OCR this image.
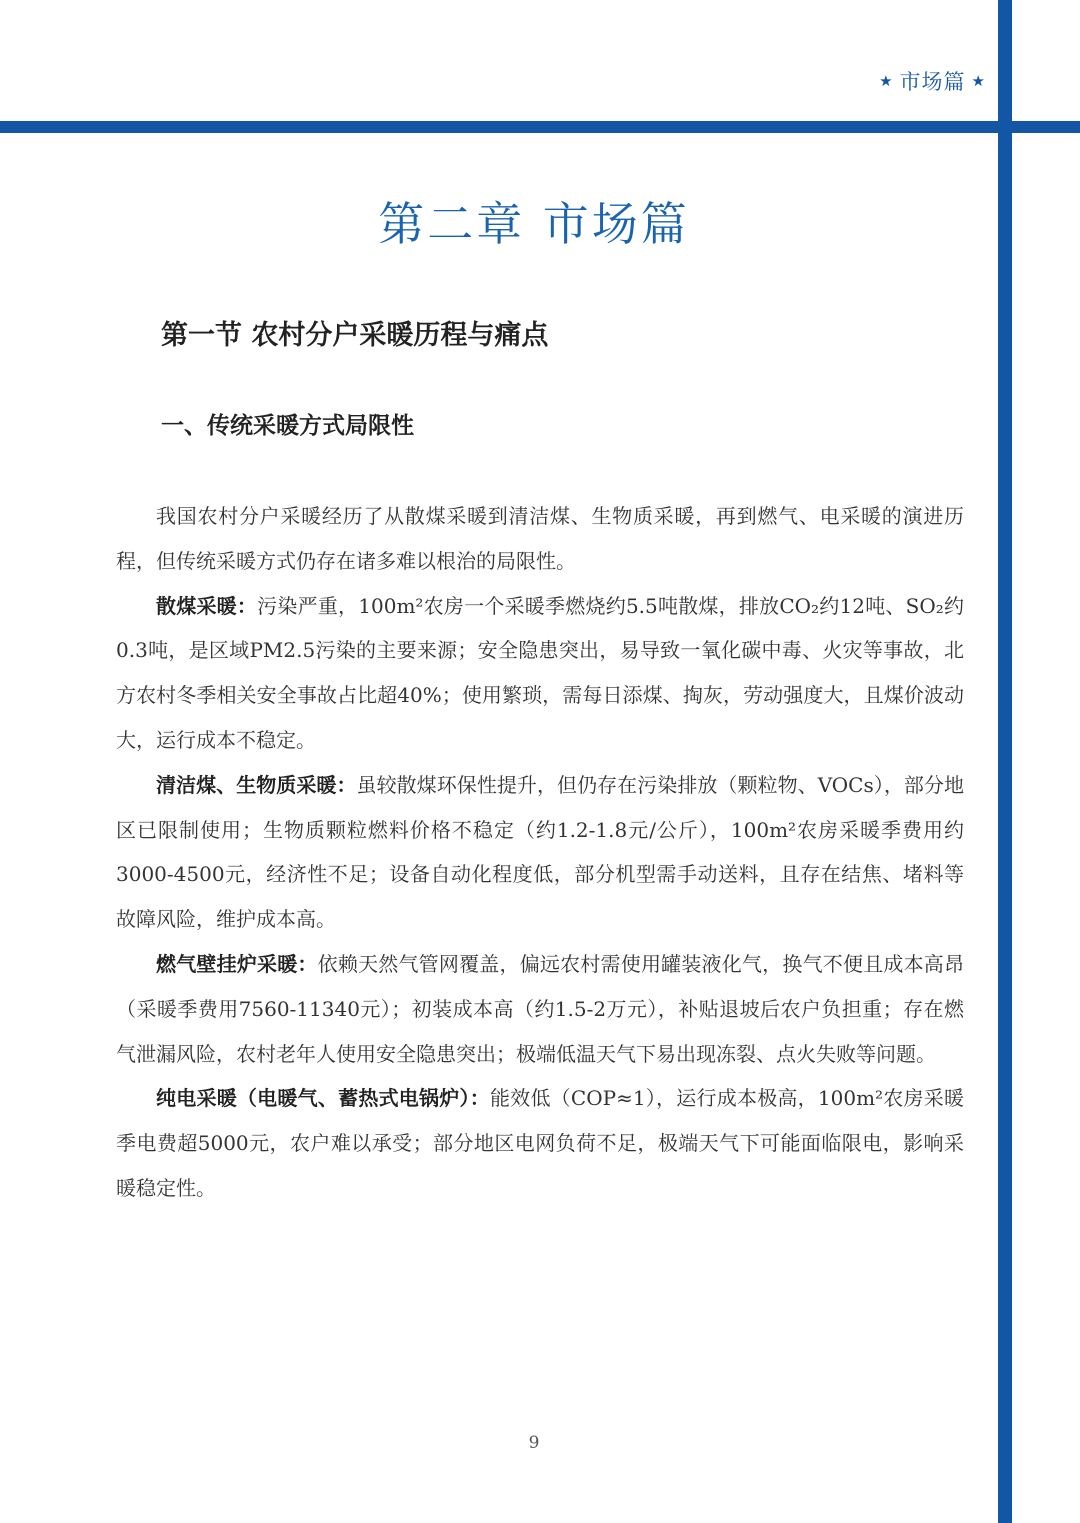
★ 市场篇 ★
第二章 市场篇
第一节 农村分户采暖历程与痛点
一、传统采暖方式局限性

我国农村分户采暖经历了从散煤采暖到清洁煤、生物质采暖，再到燃气、电采暖的演进历程，但传统采暖方式仍存在诸多难以根治的局限性。

散煤采暖：污染严重，100m²农房一个采暖季燃烧约5.5吨散煤，排放CO₂约12吨、SO₂约0.3吨，是区域PM2.5污染的主要来源；安全隐患突出，易导致一氧化碳中毒、火灾等事故，北方农村冬季相关安全事故占比超40%；使用繁琐，需每日添煤、掏灰，劳动强度大，且煤价波动大，运行成本不稳定。

清洁煤、生物质采暖：虽较散煤环保性提升，但仍存在污染排放（颗粒物、VOCs），部分地区已限制使用；生物质颗粒燃料价格不稳定（约1.2-1.8元/公斤），100m²农房采暖季费用约3000-4500元，经济性不足；设备自动化程度低，部分机型需手动送料，且存在结焦、堵料等故障风险，维护成本高。

燃气壁挂炉采暖：依赖天然气管网覆盖，偏远农村需使用罐装液化气，换气不便且成本高昂（采暖季费用7560-11340元）；初装成本高（约1.5-2万元），补贴退坡后农户负担重；存在燃气泄漏风险，农村老年人使用安全隐患突出；极端低温天气下易出现冻裂、点火失败等问题。

纯电采暖（电暖气、蓄热式电锅炉）：能效低（COP≈1），运行成本极高，100m²农房采暖季电费超5000元，农户难以承受；部分地区电网负荷不足，极端天气下可能面临限电，影响采暖稳定性。

9
